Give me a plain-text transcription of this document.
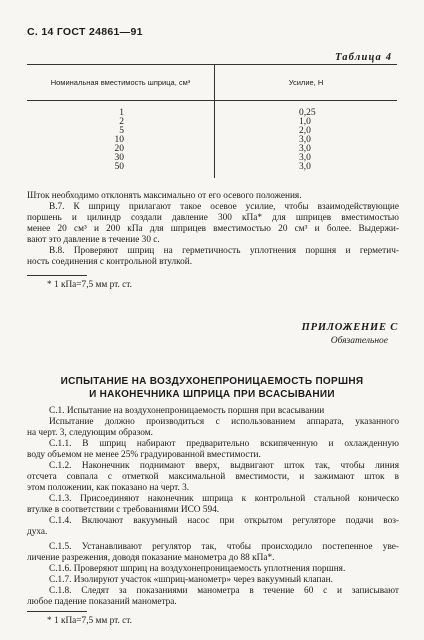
С. 14 ГОСТ 24861—91
Таблица 4
Номинальная вместимость шприца, см³	Усилие, Н
1	0,25
2	1,0
5	2,0
10	3,0
20	3,0
30	3,0
50	3,0
Шток необходимо отклонять максимально от его осевого положения.
В.7. К шприцу прилагают такое осевое усилие, чтобы взаимодействующие
поршень и цилиндр создали давление 300 кПа* для шприцев вместимостью
менее 20 см³ и 200 кПа для шприцев вместимостью 20 см³ и более. Выдержи-
вают это давление в течение 30 с.
В.8. Проверяют шприц на герметичность уплотнения поршня и герметич-
ность соединения с контрольной втулкой.
* 1 кПа=7,5 мм рт. ст.
ПРИЛОЖЕНИЕ С
Обязательное
ИСПЫТАНИЕ НА ВОЗДУХОНЕПРОНИЦАЕМОСТЬ ПОРШНЯ
И НАКОНЕЧНИКА ШПРИЦА ПРИ ВСАСЫВАНИИ
С.1. Испытание на воздухонепроницаемость поршня при всасывании
Испытание должно производиться с использованием аппарата, указанного
на черт. 3, следующим образом.
С.1.1. В шприц набирают предварительно вскипяченную и охлажденную
воду объемом не менее 25% градуированной вместимости.
С.1.2. Наконечник поднимают вверх, выдвигают шток так, чтобы линия
отсчета совпала с отметкой максимальной вместимости, и зажимают шток в
этом положении, как показано на черт. 3.
С.1.3. Присоединяют наконечник шприца к контрольной стальной коническо
втулке в соответствии с требованиями ИСО 594.
С.1.4. Включают вакуумный насос при открытом регуляторе подачи воз-
духа.
С.1.5. Устанавливают регулятор так, чтобы происходило постепенное уве-
личение разрежения, доводя показание манометра до 88 кПа*.
С.1.6. Проверяют шприц на воздухонепроницаемость уплотнения поршня.
С.1.7. Изолируют участок «шприц-манометр» через вакуумный клапан.
С.1.8. Следят за показаниями манометра в течение 60 с и записывают
любое падение показаний манометра.
* 1 кПа=7,5 мм рт. ст.
